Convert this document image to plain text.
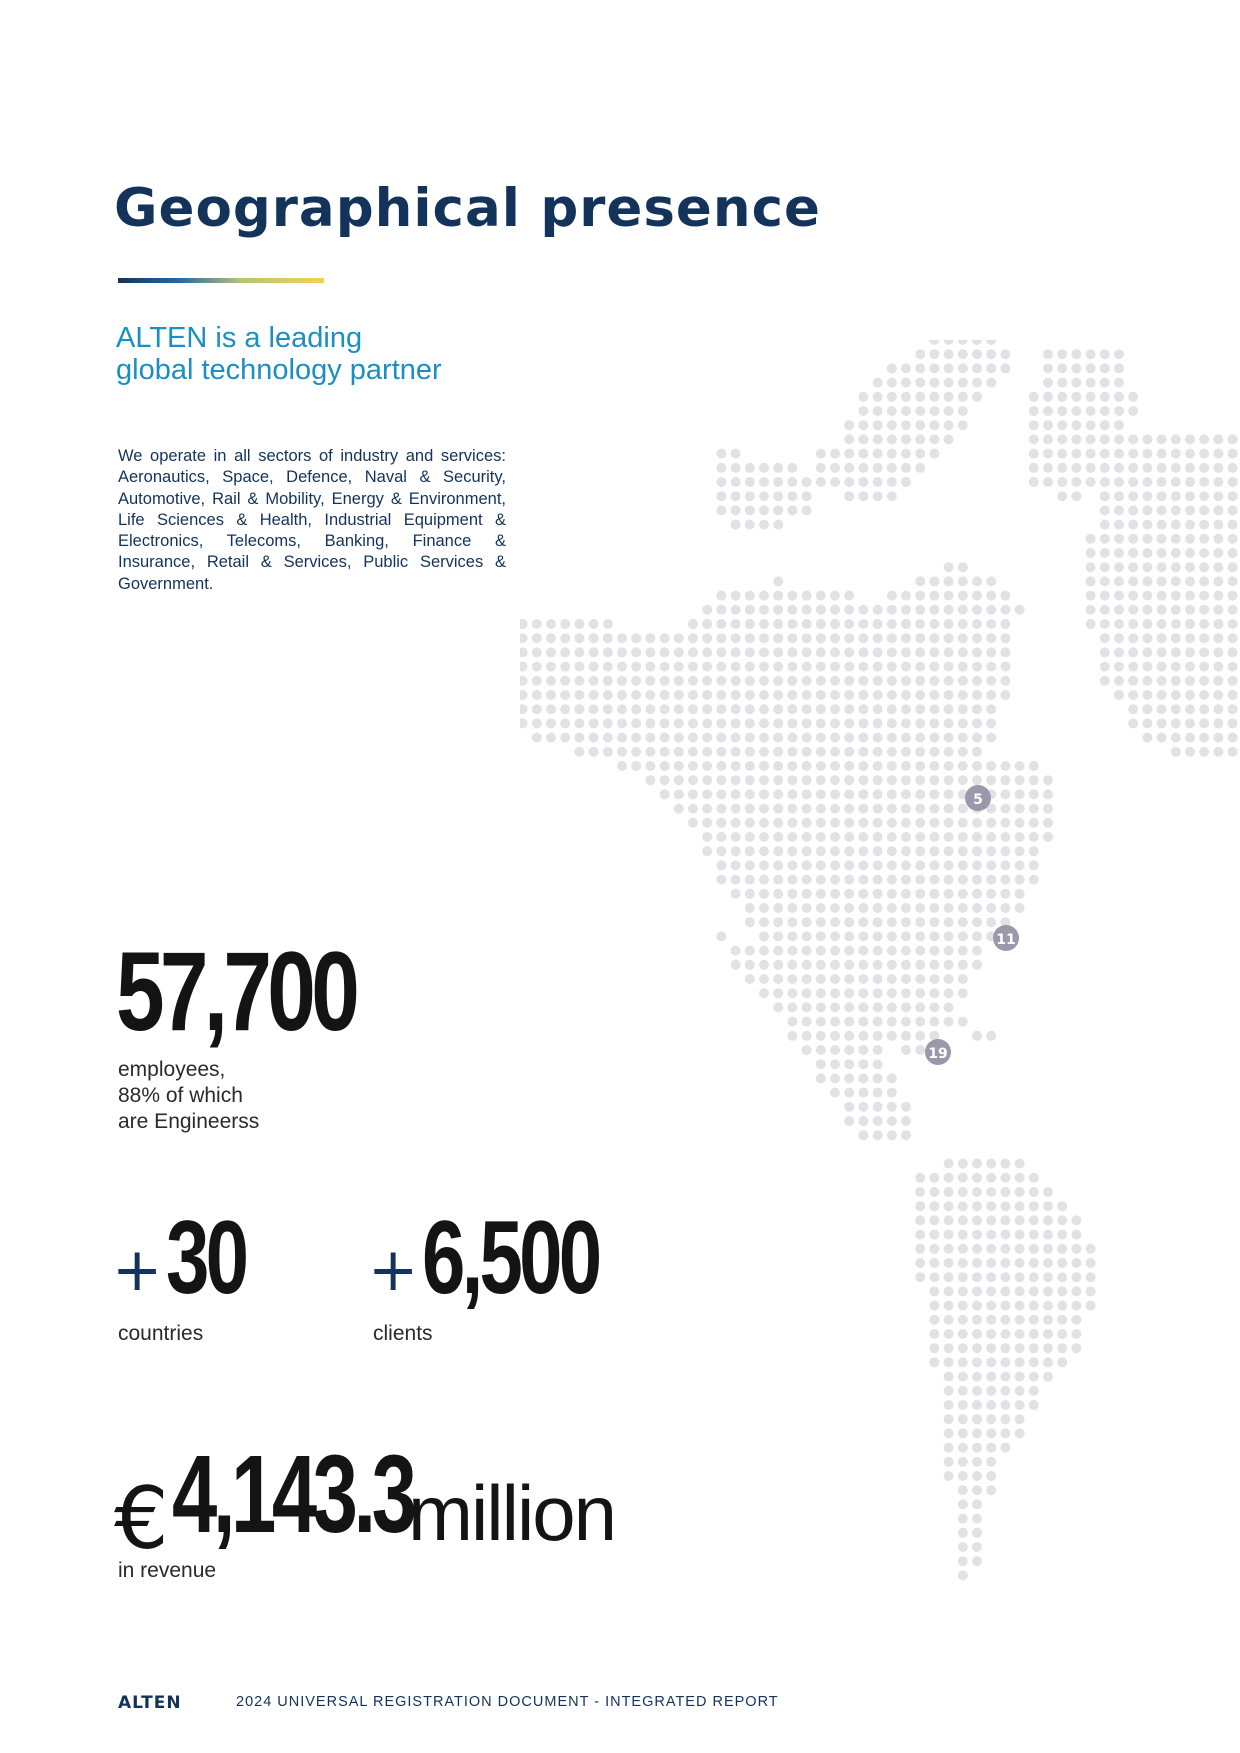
Geographical presence
ALTEN is a leading
global technology partner

We operate in all sectors of industry and services: Aeronautics, Space, Defence, Naval & Security, Automotive, Rail & Mobility, Energy & Environment, Life Sciences & Health, Industrial Equipment & Electronics, Telecoms, Banking, Finance & Insurance, Retail & Services, Public Services & Government.

5
11
19
57,700
employees,
88% of which
are Engineerss
+ 30
countries
+ 6,500
clients
€ 4,143.3
million
in revenue
ALTEN	2024 UNIVERSAL REGISTRATION DOCUMENT - INTEGRATED REPORT
